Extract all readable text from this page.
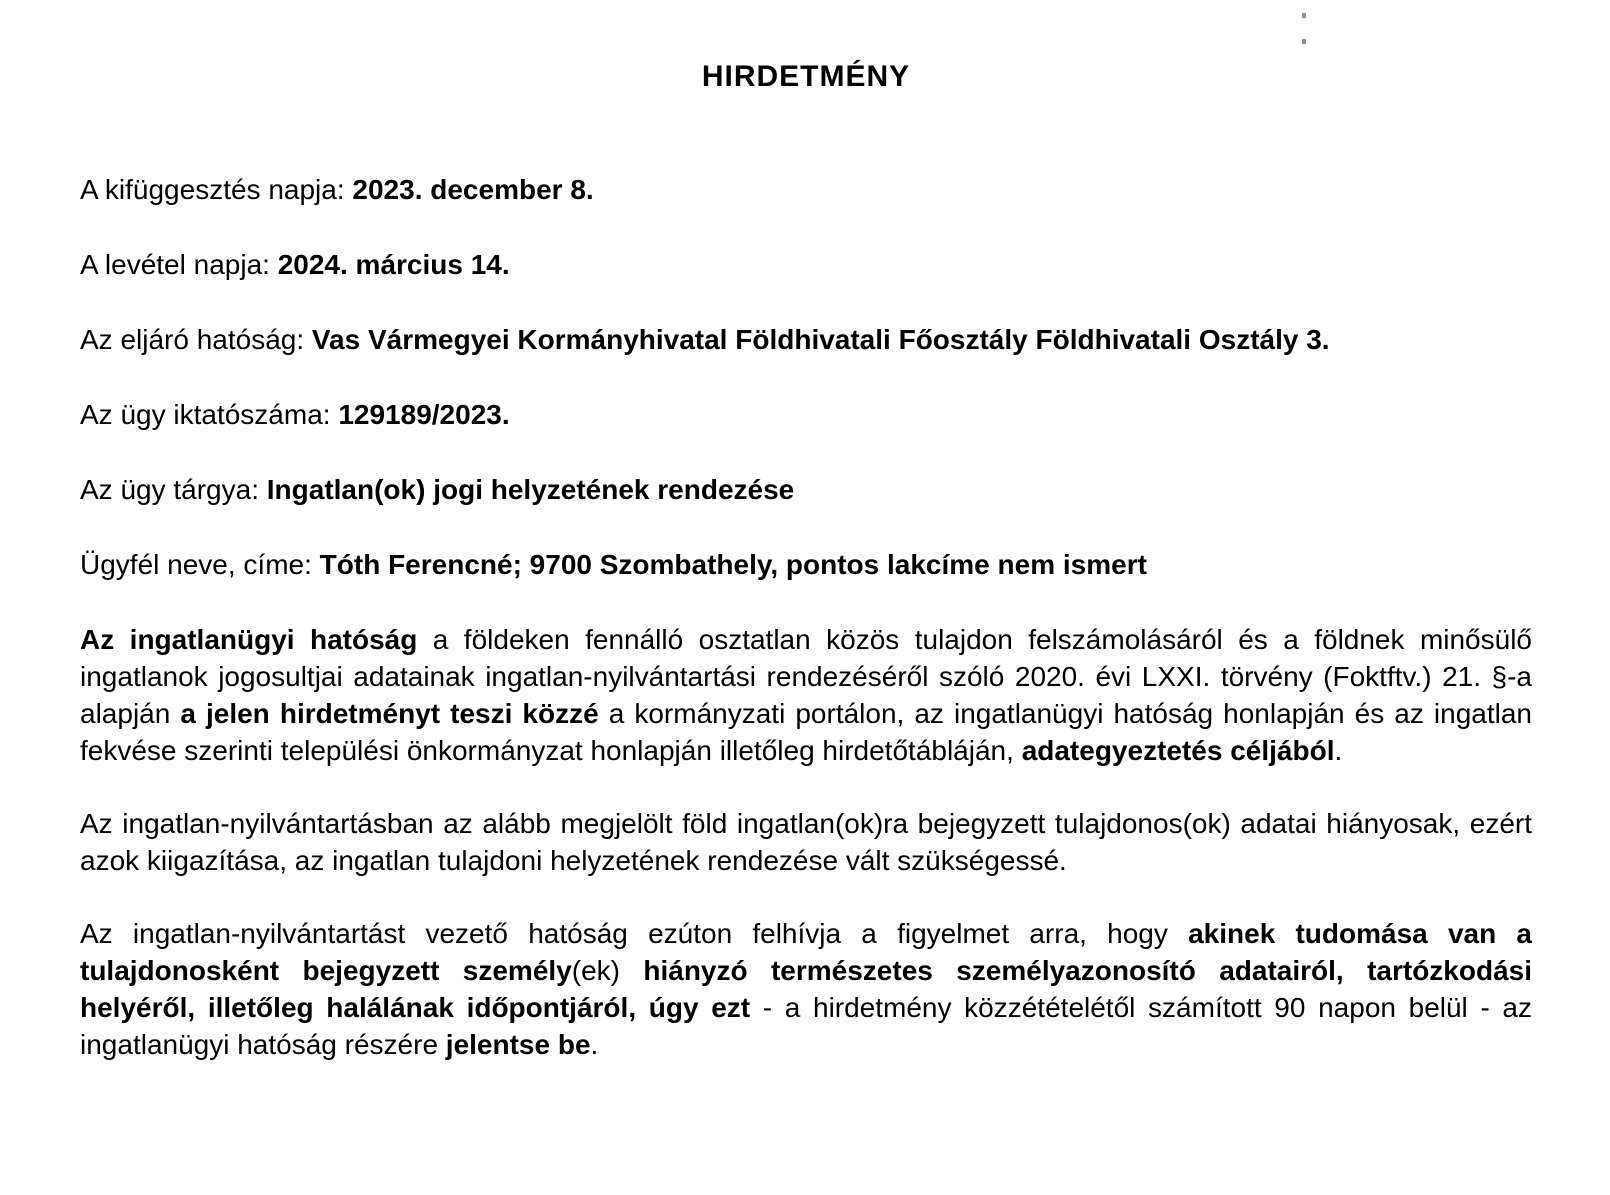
HIRDETMÉNY
A kifüggesztés napja: 2023. december 8.
A levétel napja: 2024. március 14.
Az eljáró hatóság: Vas Vármegyei Kormányhivatal Földhivatali Főosztály Földhivatali Osztály 3.
Az ügy iktatószáma: 129189/2023.
Az ügy tárgya: Ingatlan(ok) jogi helyzetének rendezése
Ügyfél neve, címe: Tóth Ferencné; 9700 Szombathely, pontos lakcíme nem ismert

Az ingatlanügyi hatóság a földeken fennálló osztatlan közös tulajdon felszámolásáról és a földnek minősülő ingatlanok jogosultjai adatainak ingatlan-nyilvántartási rendezéséről szóló 2020. évi LXXI. törvény (Foktftv.) 21. §-a alapján a jelen hirdetményt teszi közzé a kormányzati portálon, az ingatlanügyi hatóság honlapján és az ingatlan fekvése szerinti települési önkormányzat honlapján illetőleg hirdetőtábláján, adategyeztetés céljából.

Az ingatlan-nyilvántartásban az alább megjelölt föld ingatlan(ok)ra bejegyzett tulajdonos(ok) adatai hiányosak, ezért azok kiigazítása, az ingatlan tulajdoni helyzetének rendezése vált szükségessé.

Az ingatlan-nyilvántartást vezető hatóság ezúton felhívja a figyelmet arra, hogy akinek tudomása van a tulajdonosként bejegyzett személy(ek) hiányzó természetes személyazonosító adatairól, tartózkodási helyéről, illetőleg halálának időpontjáról, úgy ezt - a hirdetmény közzétételétől számított 90 napon belül - az ingatlanügyi hatóság részére jelentse be.
